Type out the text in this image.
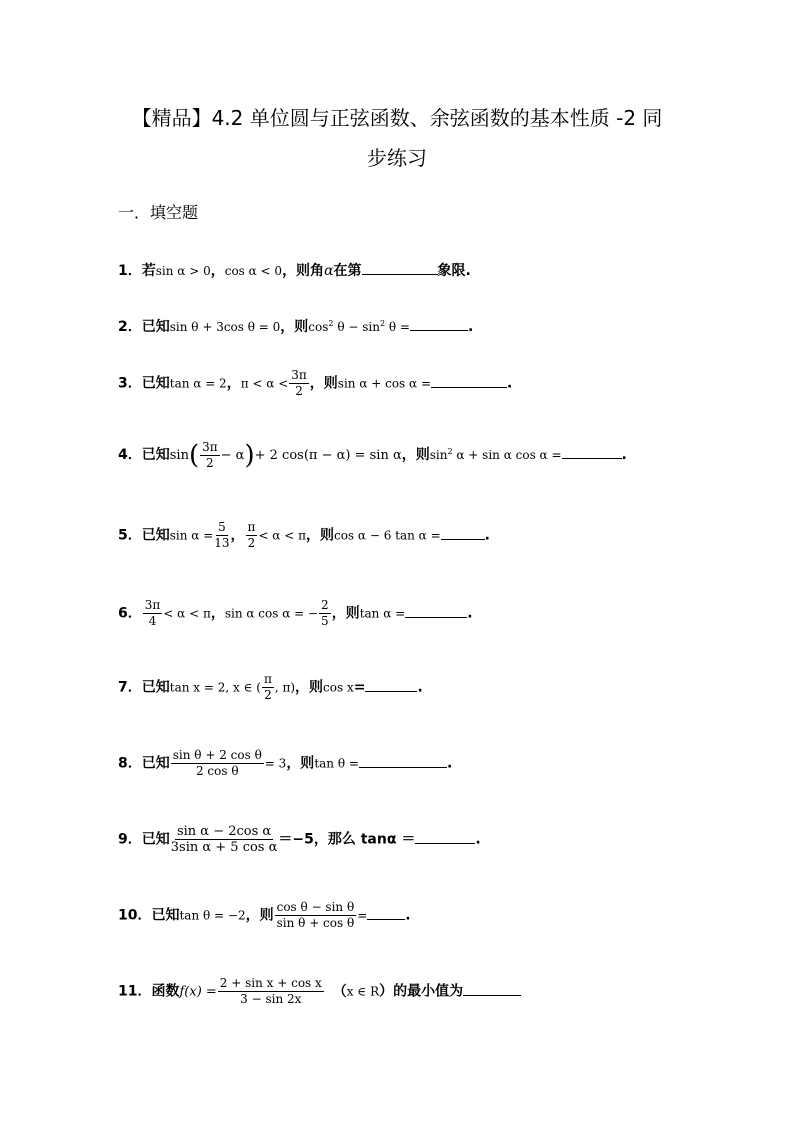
【精品】4.2 单位圆与正弦函数、余弦函数的基本性质 -2 同
步练习
一．填空题
1．若sin α > 0，cos α < 0，则角α在第	象限.
2．已知sin θ + 3cos θ = 0，则$\cos^2 \theta - \sin^2 \theta$ =	.
3．已知tan α = 2，$\pi < \alpha < \frac{3\pi}{2}$ ，则sin α + cos α =	.
4．已知$\sin( \frac{3\pi}{2} - \alpha)+ 2$ cos(π − α) = sin α，则$\sin^2 \alpha + \sin \alpha$ cos α =	.
5．已知$\sin \alpha = \frac{5}{13}$ ， $\frac{\pi}{2} < \alpha < \pi$，则cos α − 6 tan α =	.
6． $\frac{3\pi}{4} < \alpha < \pi$，sin α cos α = − $\frac{2}{5}$ ，则tan α =	.
7．已知tan x = 2, x ∈ ( $\frac{\pi}{2}$ , π)，则cos x=	.
8．已知 $\frac{\text{sin θ + 2 cos θ}}{\text{2 cos θ}} = 3$，则tan θ =	.
9．已知 $\frac{\text{sin α − 2cos α}}{\text{3sin α + 5 cos α}} =-5$，那么 tanα ＝	.
10．已知tan θ = −2，则 $\frac{\text{cos θ − sin θ}}{\text{sin θ + cos θ}}$ =	.
11．函数$f(x) = \frac{\text{2 + sin x + cos x}}{3 - \sin 2x} (x$ ∈ R）的最小值为
